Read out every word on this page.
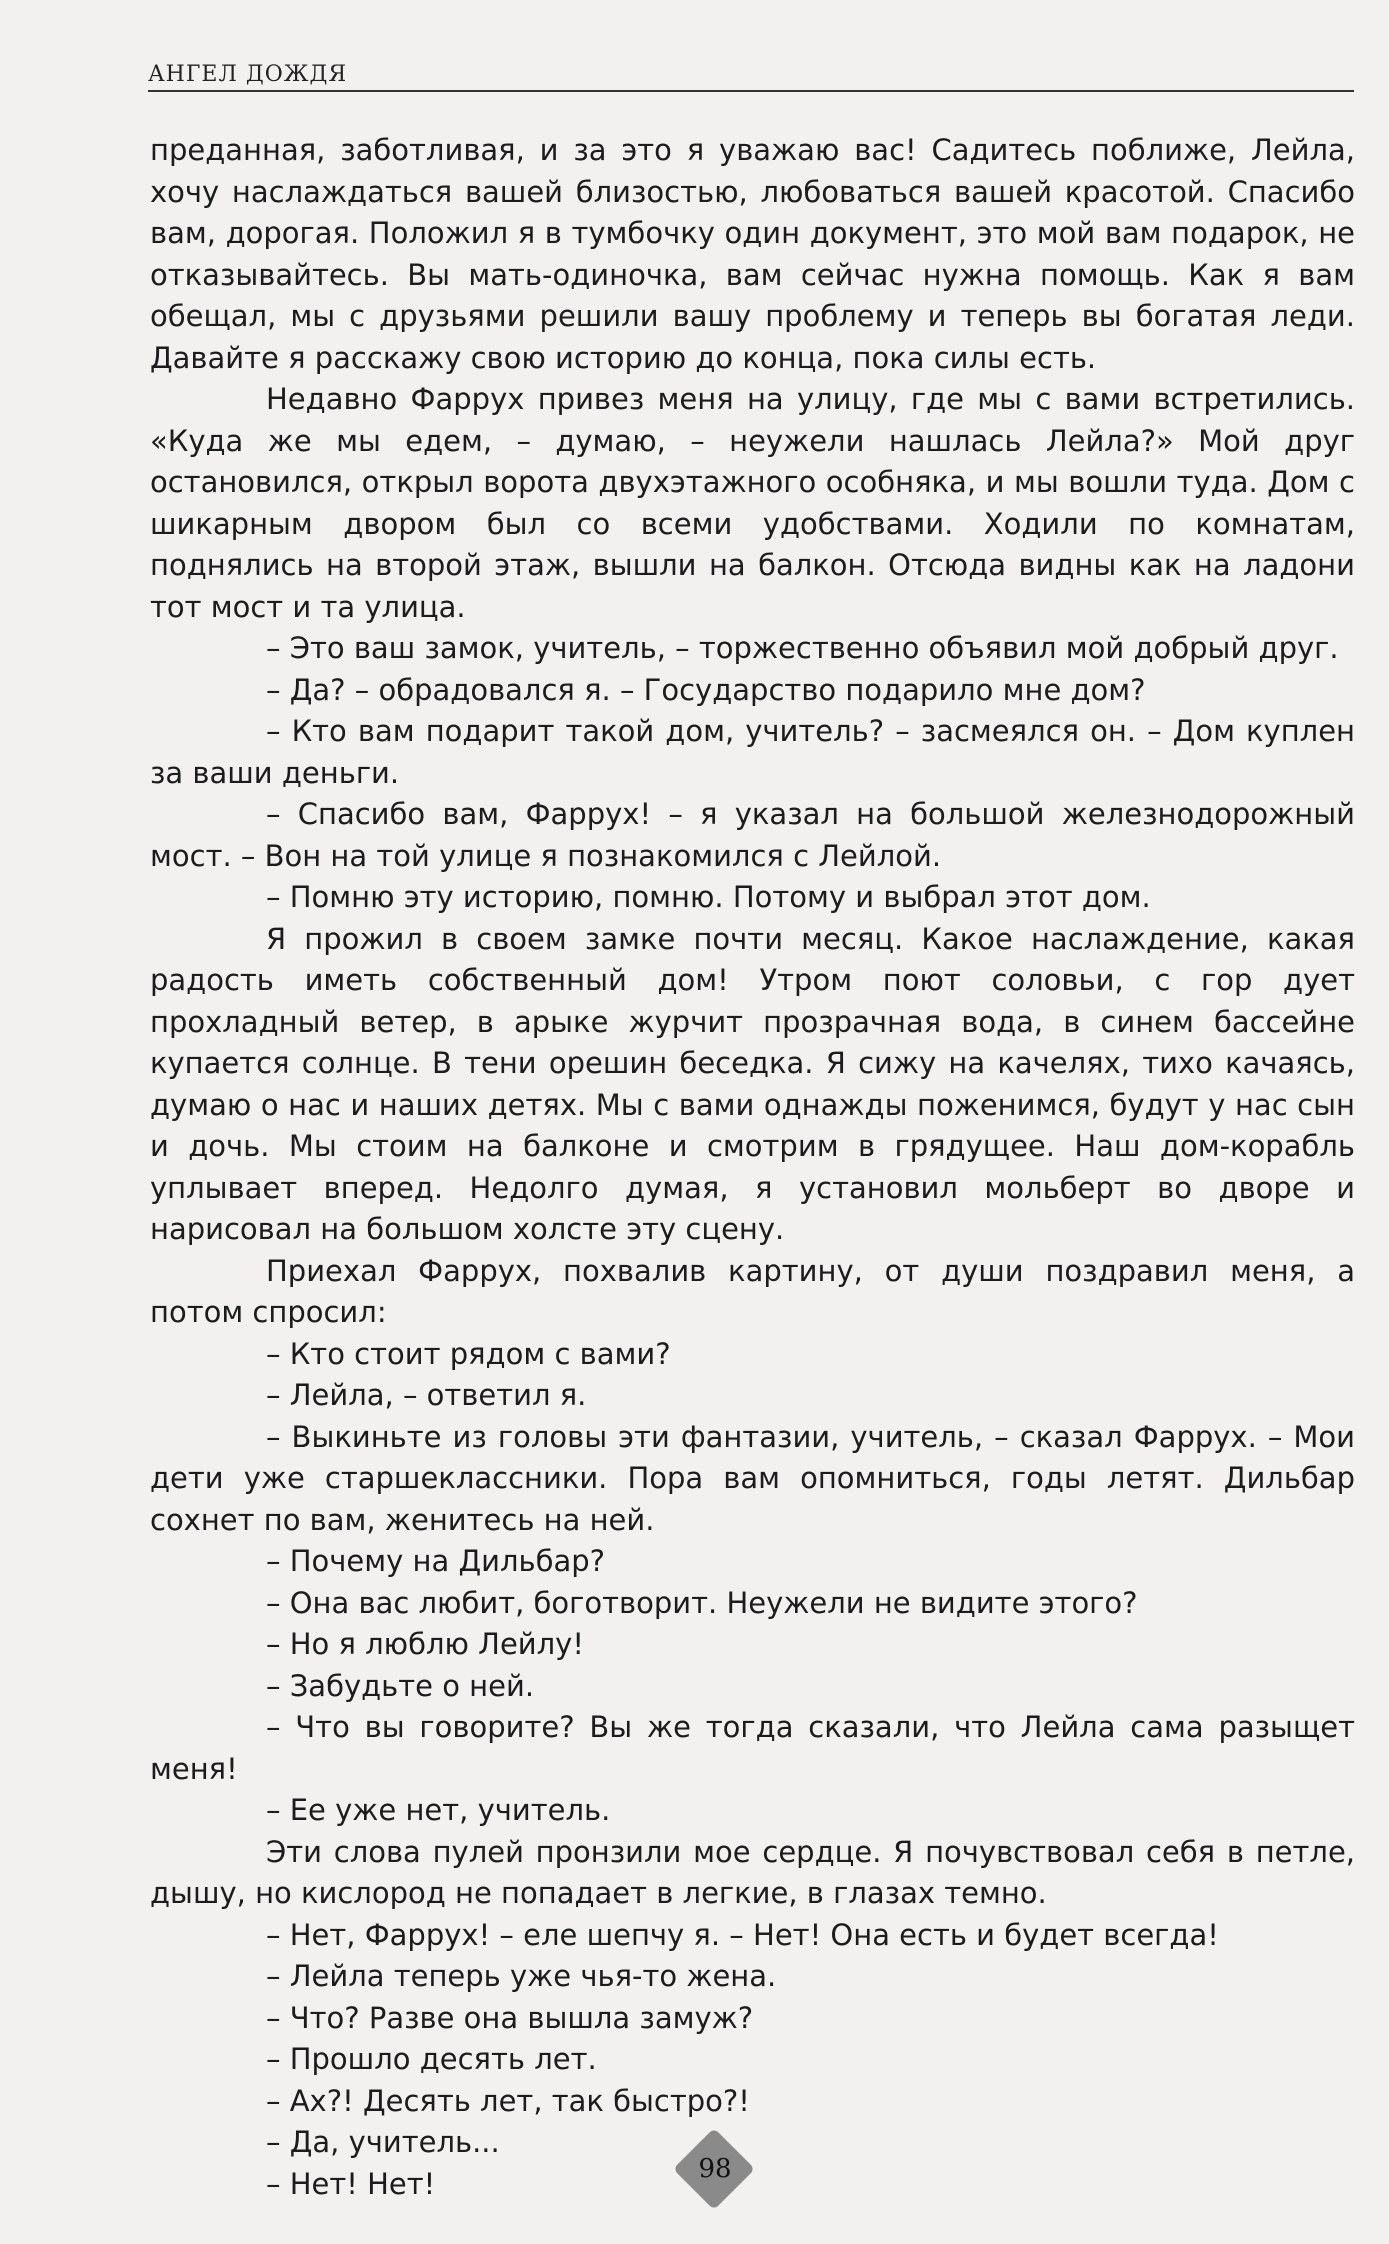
АНГЕЛ ДОЖДЯ

преданная, заботливая, и за это я уважаю вас! Садитесь поближе, Лейла, хочу наслаждаться вашей близостью, любоваться вашей красотой. Спасибо вам, дорогая. Положил я в тумбочку один документ, это мой вам подарок, не отказывайтесь. Вы мать-одиночка, вам сейчас нужна помощь. Как я вам обещал, мы с друзьями решили вашу проблему и теперь вы богатая леди. Давайте я расскажу свою историю до конца, пока силы есть.

Недавно Фаррух привез меня на улицу, где мы с вами встретились. «Куда же мы едем, – думаю, – неужели нашлась Лейла?» Мой друг остановился, открыл ворота двухэтажного особняка, и мы вошли туда. Дом с шикарным двором был со всеми удобствами. Ходили по комнатам, поднялись на второй этаж, вышли на балкон. Отсюда видны как на ладони тот мост и та улица.

– Это ваш замок, учитель, – торжественно объявил мой добрый друг.

– Да? – обрадовался я. – Государство подарило мне дом?

– Кто вам подарит такой дом, учитель? – засмеялся он. – Дом куплен за ваши деньги.

– Спасибо вам, Фаррух! – я указал на большой железнодорожный мост. – Вон на той улице я познакомился с Лейлой.

– Помню эту историю, помню. Потому и выбрал этот дом.

Я прожил в своем замке почти месяц. Какое наслаждение, какая радость иметь собственный дом! Утром поют соловьи, с гор дует прохладный ветер, в арыке журчит прозрачная вода, в синем бассейне купается солнце. В тени орешин беседка. Я сижу на качелях, тихо качаясь, думаю о нас и наших детях. Мы с вами однажды поженимся, будут у нас сын и дочь. Мы стоим на балконе и смотрим в грядущее. Наш дом-корабль уплывает вперед. Недолго думая, я установил мольберт во дворе и нарисовал на большом холсте эту сцену.

Приехал Фаррух, похвалив картину, от души поздравил меня, а потом спросил:

– Кто стоит рядом с вами?

– Лейла, – ответил я.

– Выкиньте из головы эти фантазии, учитель, – сказал Фаррух. – Мои дети уже старшеклассники. Пора вам опомниться, годы летят. Дильбар сохнет по вам, женитесь на ней.

– Почему на Дильбар?

– Она вас любит, боготворит. Неужели не видите этого?

– Но я люблю Лейлу!

– Забудьте о ней.

– Что вы говорите? Вы же тогда сказали, что Лейла сама разыщет меня!

– Ее уже нет, учитель.

Эти слова пулей пронзили мое сердце. Я почувствовал себя в петле, дышу, но кислород не попадает в легкие, в глазах темно.

– Нет, Фаррух! – еле шепчу я. – Нет! Она есть и будет всегда!

– Лейла теперь уже чья-то жена.

– Что? Разве она вышла замуж?

– Прошло десять лет.

– Ах?! Десять лет, так быстро?!

– Да, учитель...

– Нет! Нет!	98
